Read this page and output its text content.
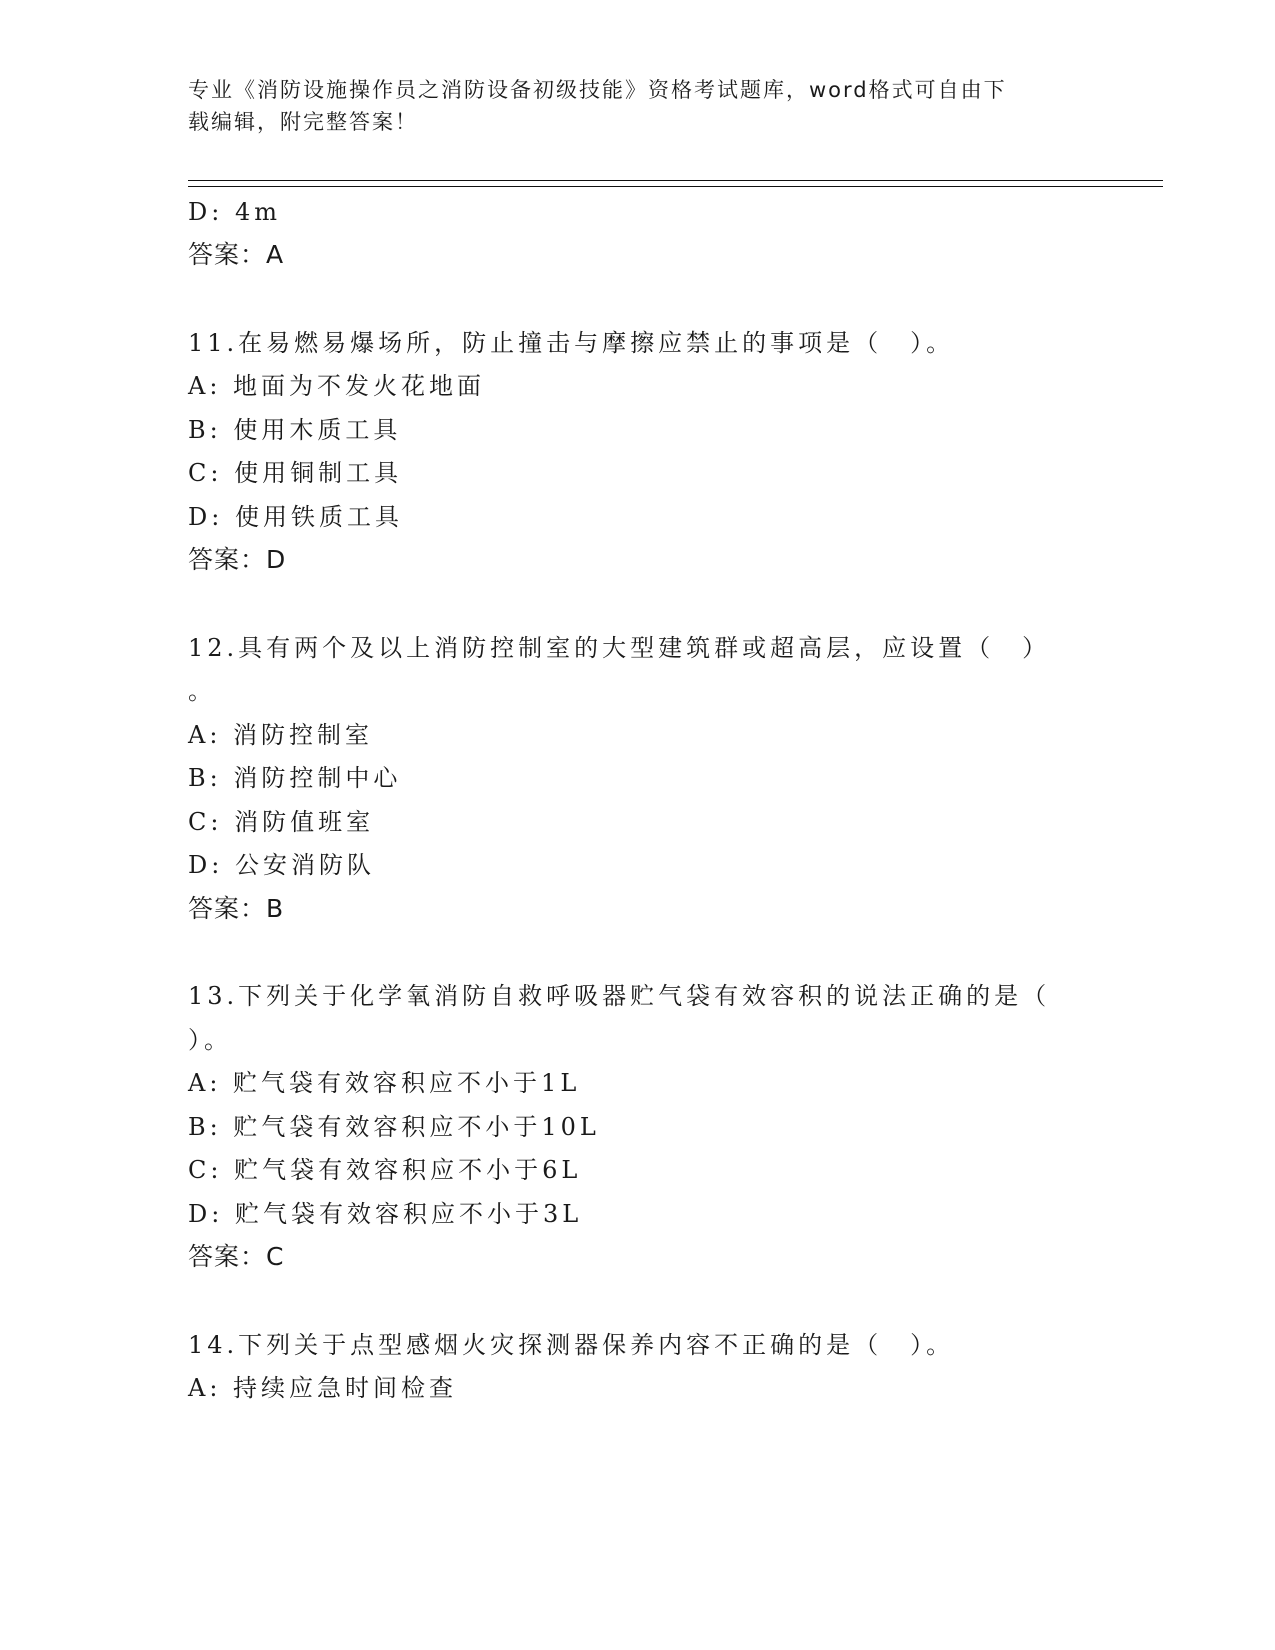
专业《消防设施操作员之消防设备初级技能》资格考试题库，word格式可自由下
载编辑，附完整答案！
D: 4m
答案：A
11.在易燃易爆场所，防止撞击与摩擦应禁止的事项是（　）。
A: 地面为不发火花地面
B: 使用木质工具
C: 使用铜制工具
D: 使用铁质工具
答案：D
12.具有两个及以上消防控制室的大型建筑群或超高层，应设置（　）
。
A: 消防控制室
B: 消防控制中心
C: 消防值班室
D: 公安消防队
答案：B
13.下列关于化学氧消防自救呼吸器贮气袋有效容积的说法正确的是（
）。
A: 贮气袋有效容积应不小于1L
B: 贮气袋有效容积应不小于10L
C: 贮气袋有效容积应不小于6L
D: 贮气袋有效容积应不小于3L
答案：C
14.下列关于点型感烟火灾探测器保养内容不正确的是（　）。
A: 持续应急时间检查
